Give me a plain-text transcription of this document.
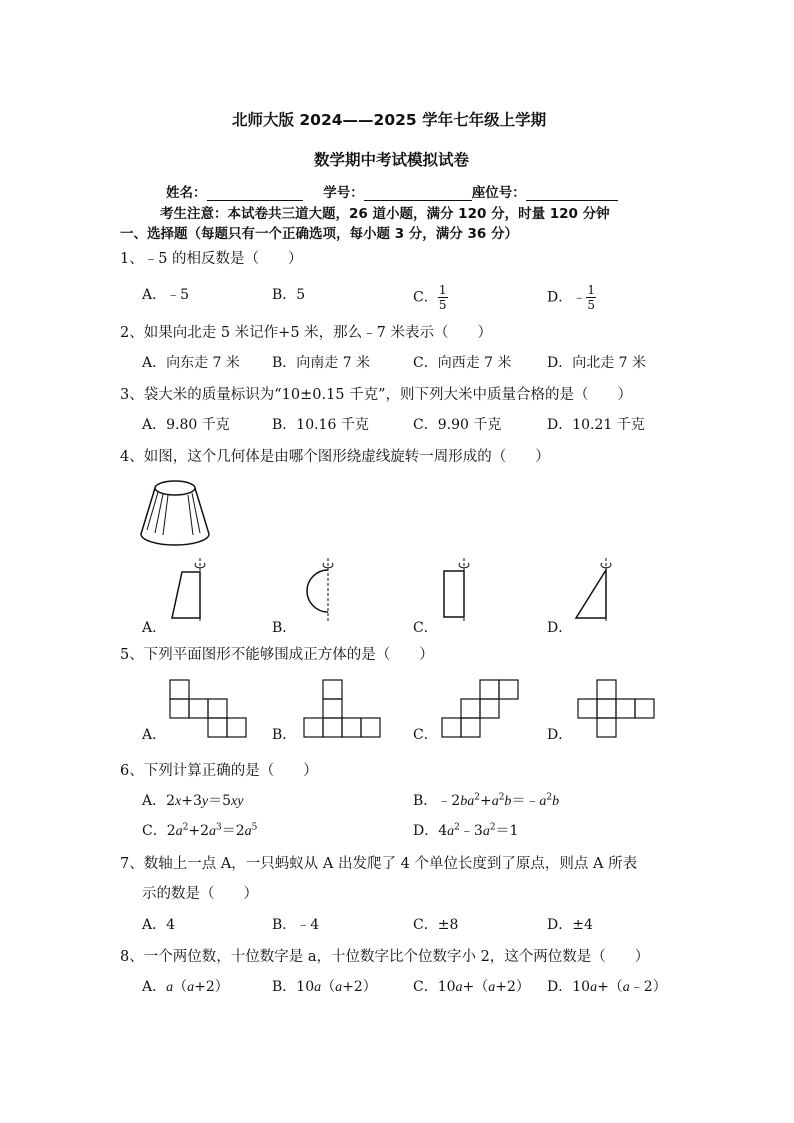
北师大版 2024——2025 学年七年级上学期
数学期中考试模拟试卷
姓名：	学号：	座位号：
考生注意：本试卷共三道大题，26 道小题，满分 120 分，时量 120 分钟
一、选择题（每题只有一个正确选项，每小题 3 分，满分 36 分）
1、﹣5 的相反数是（　　）
A．﹣5	B．5	C． $\frac{1}{5}$	D．﹣ $\frac{1}{5}$
2、如果向北走 5 米记作+5 米，那么﹣7 米表示（　　）
A．向东走 7 米 B．向南走 7 米	C．向西走 7 米	D．向北走 7 米
3、袋大米的质量标识为“10±0.15 千克”，则下列大米中质量合格的是（　　）
A．9.80 千克	B．10.16 千克	C．9.90 千克	D．10.21 千克
4、如图，这个几何体是由哪个图形绕虚线旋转一周形成的（　　）
A．	B．	C．	D．
5、下列平面图形不能够围成正方体的是（　　）
A．	B．	C．	D．
6、下列计算正确的是（　　）
A．2x+3y＝5xy	B．$﹣2ba^2+a^2b=﹣a^2b$
C．$2a^2+2a^3=2a^5$	D．$4a^2﹣3a^2=1$
7、数轴上一点 A，一只蚂蚁从 A 出发爬了 4 个单位长度到了原点，则点 A 所表
示的数是（　　）
A．4	B．﹣4	C．±8	D．±4
8、一个两位数，十位数字是 a，十位数字比个位数字小 2，这个两位数是（　　）
A．a（a+2）	B．10a（a+2）	C．10a+（a+2） D．10a+（a﹣2）
